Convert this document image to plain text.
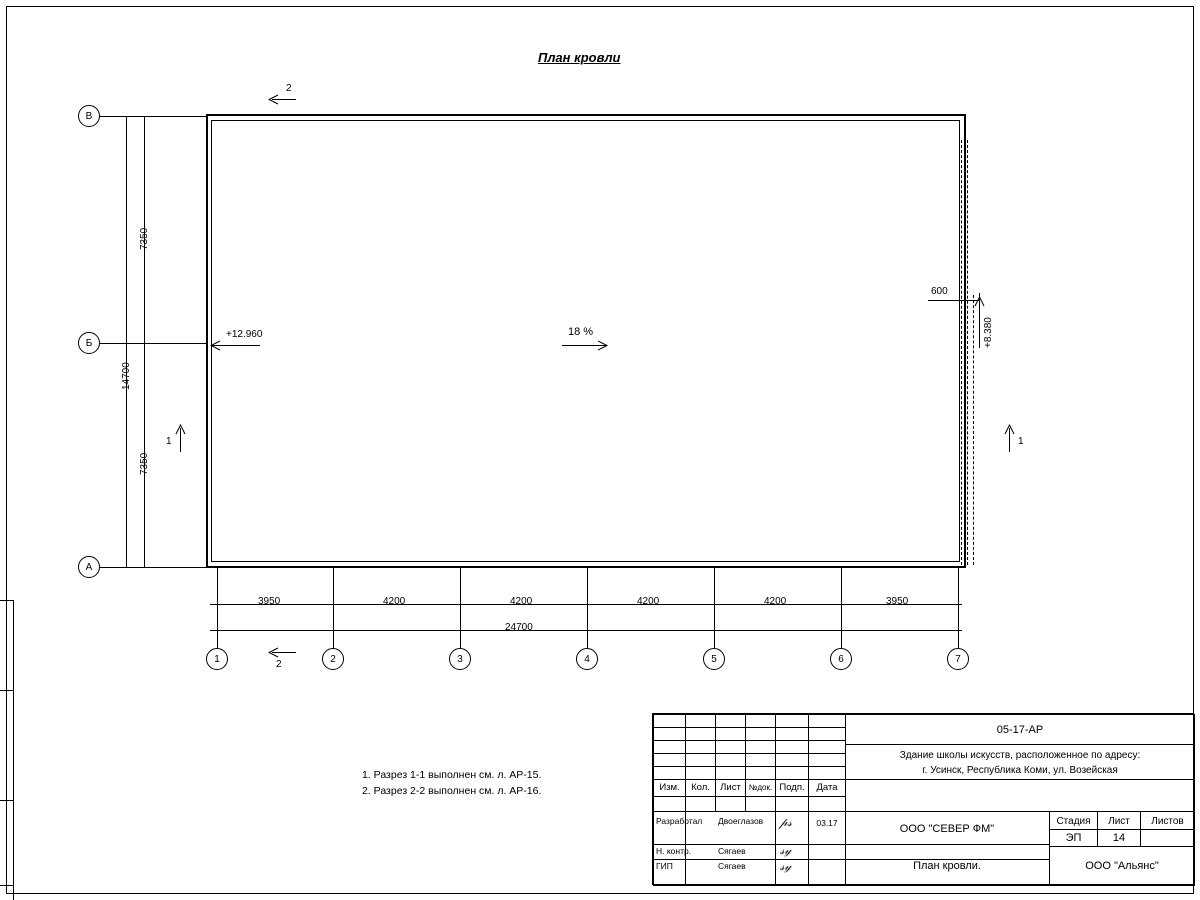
План кровли
18 %
+12.960	+8.380
600
2
1	1
2
В
Б
А
7350
7350
14700
1	2	3	4	5	6	7
3950	4200	4200	4200	4200	3950
24700
1. Разрез 1-1 выполнен см. л. АР-15.
2. Разрез 2-2 выполнен см. л. АР-16.
05-17-АР
Здание школы искусств, расположенное по адресу:
г. Усинск, Республика Коми, ул. Возейская
Изм.	Кол.	Лист №док. Подп.	Дата
Разработал	Двоеглазов	𝓅𝓈	03.17
Н. контр.	Сягаев	𝓈𝓎
ГИП	Сягаев	𝓈𝓎
ООО "СЕВЕР ФМ"
План кровли.
Стадия	Лист	Листов
ЭП	14
ООО "Альянс"
